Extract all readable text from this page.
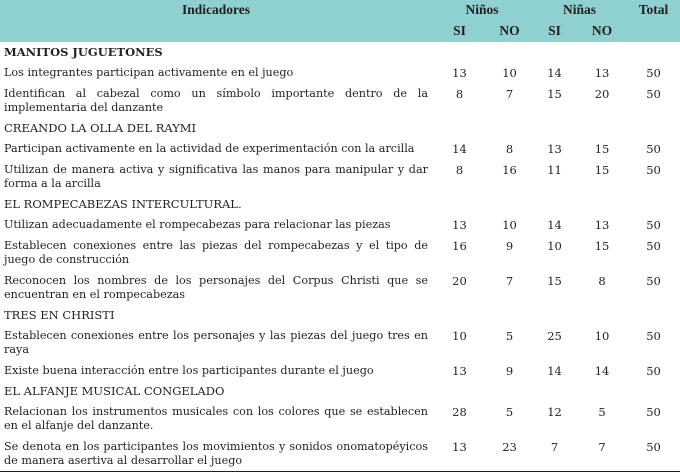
Indicadores	Niños		Niñas		Total
	SI	NO	SI	NO	
MANITOS JUGUETONES					
Los integrantes participan activamente en el juego	13	10	14	13	50
Identifican al cabezal como un símbolo importante dentro de la implementaria del danzante	8	7	15	20	50
CREANDO LA OLLA DEL RAYMI					
Participan activamente en la actividad de experimentación con la arcilla	14	8	13	15	50
Utilizan de manera activa y significativa las manos para manipular y dar forma a la arcilla	8	16	11	15	50
EL ROMPECABEZAS INTERCULTURAL.					
Utilizan adecuadamente el rompecabezas para relacionar las piezas	13	10	14	13	50
Establecen conexiones entre las piezas del rompecabezas y el tipo de juego de construcción	16	9	10	15	50
Reconocen los nombres de los personajes del Corpus Christi que se encuentran en el rompecabezas	20	7	15	8	50
TRES EN CHRISTI					
Establecen conexiones entre los personajes y las piezas del juego tres en raya	10	5	25	10	50
Existe buena interacción entre los participantes durante el juego	13	9	14	14	50
EL ALFANJE MUSICAL CONGELADO					
Relacionan los instrumentos musicales con los colores que se establecen en el alfanje del danzante.	28	5	12	5	50
Se denota en los participantes los movimientos y sonidos onomatopéyicos de manera asertiva al desarrollar el juego	13	23	7	7	50
